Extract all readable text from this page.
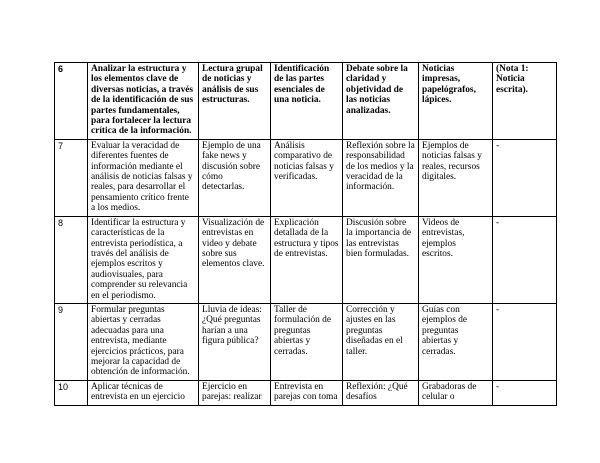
6	Analizar la estructura y los elementos clave de diversas noticias, a través de la identificación de sus partes fundamentales, para fortalecer la lectura crítica de la información.	Lectura grupal de noticias y análisis de sus estructuras.	Identificación de las partes esenciales de una noticia.	Debate sobre la claridad y objetividad de las noticias analizadas.	Noticias impresas, papelógrafos, lápices.	(Nota 1: Noticia escrita).
7	Evaluar la veracidad de diferentes fuentes de información mediante el análisis de noticias falsas y reales, para desarrollar el pensamiento crítico frente a los medios.	Ejemplo de una fake news y discusión sobre cómo detectarlas.	Análisis comparativo de noticias falsas y verificadas.	Reflexión sobre la responsabilidad de los medios y la veracidad de la información.	Ejemplos de noticias falsas y reales, recursos digitales.	-
8	Identificar la estructura y características de la entrevista periodística, a través del análisis de ejemplos escritos y audiovisuales, para comprender su relevancia en el periodismo.	Visualización de entrevistas en video y debate sobre sus elementos clave.	Explicación detallada de la estructura y tipos de entrevistas.	Discusión sobre la importancia de las entrevistas bien formuladas.	Videos de entrevistas, ejemplos escritos.	-
9	Formular preguntas abiertas y cerradas adecuadas para una entrevista, mediante ejercicios prácticos, para mejorar la capacidad de obtención de información.	Lluvia de ideas: ¿Qué preguntas harían a una figura pública?	Taller de formulación de preguntas abiertas y cerradas.	Corrección y ajustes en las preguntas diseñadas en el taller.	Guías con ejemplos de preguntas abiertas y cerradas.	-
10	Aplicar técnicas de entrevista en un ejercicio	Ejercicio en parejas: realizar	Entrevista en parejas con toma	Reflexión: ¿Qué desafíos	Grabadoras de celular o	-
